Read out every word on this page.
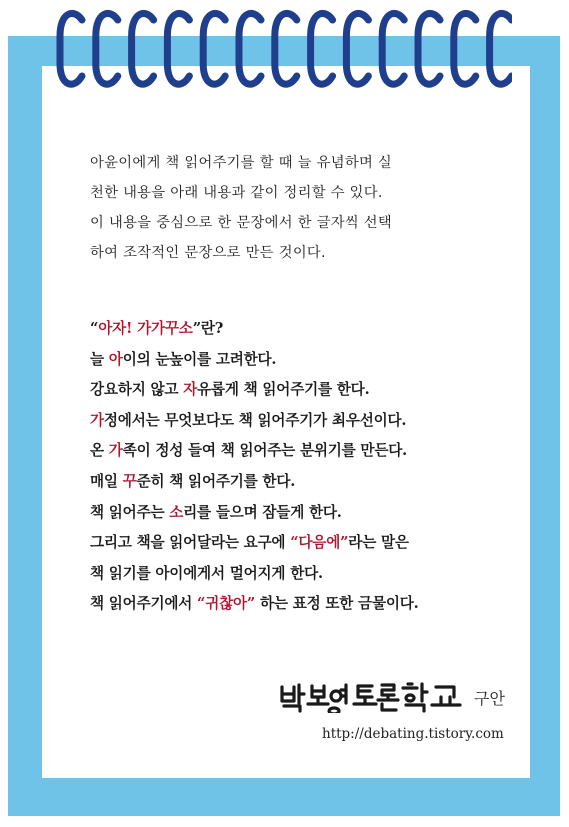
아윤이에게 책 읽어주기를 할 때 늘 유념하며 실

천한 내용을 아래 내용과 같이 정리할 수 있다.

이 내용을 중심으로 한 문장에서 한 글자씩 선택

하여 조작적인 문장으로 만든 것이다.

“아자! 가가꾸소”란?

늘 아이의 눈높이를 고려한다.

강요하지 않고 자유롭게 책 읽어주기를 한다.

가정에서는 무엇보다도 책 읽어주기가 최우선이다.

온 가족이 정성 들여 책 읽어주는 분위기를 만든다.

매일 꾸준히 책 읽어주기를 한다.

책 읽어주는 소리를 들으며 잠들게 한다.

그리고 책을 읽어달라는 요구에 “다음에”라는 말은

책 읽기를 아이에게서 멀어지게 한다.

책 읽어주기에서 “귀찮아” 하는 표정 또한 금물이다.

구안
http://debating.tistory.com
